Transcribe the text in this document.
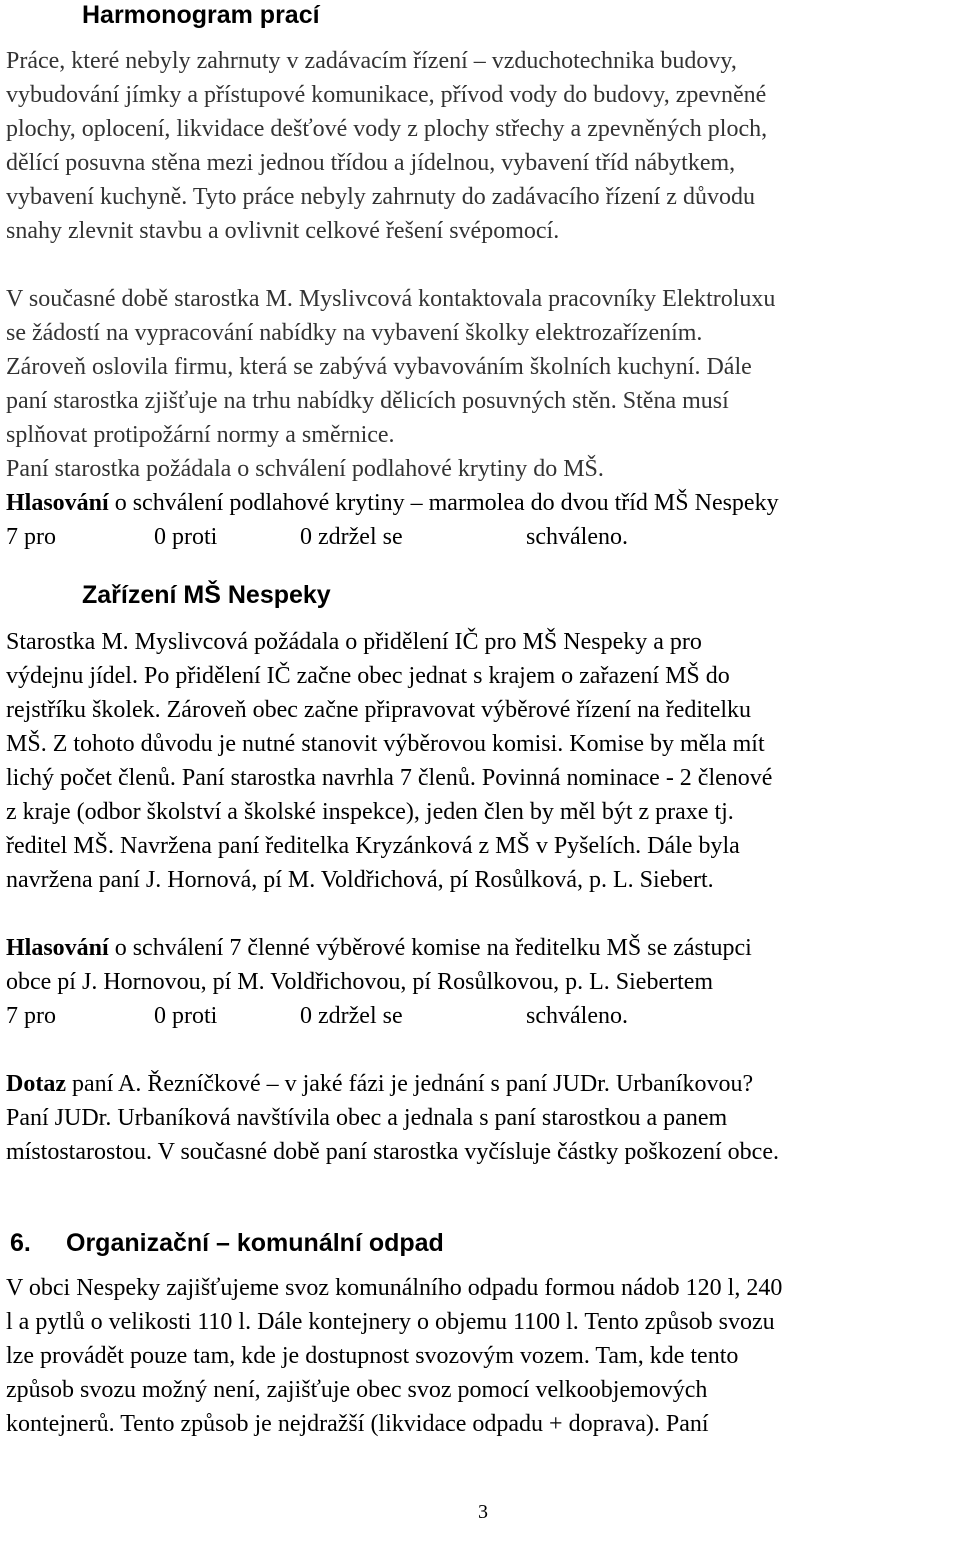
Harmonogram prací
Práce, které nebyly zahrnuty v zadávacím řízení – vzduchotechnika budovy,
vybudování jímky a přístupové komunikace, přívod vody do budovy, zpevněné
plochy, oplocení, likvidace dešťové vody z plochy střechy a zpevněných ploch,
dělící posuvna stěna mezi jednou třídou a jídelnou, vybavení tříd nábytkem,
vybavení kuchyně. Tyto práce nebyly zahrnuty do zadávacího řízení z důvodu
snahy zlevnit stavbu a ovlivnit celkové řešení svépomocí.
V současné době starostka M. Myslivcová kontaktovala pracovníky Elektroluxu
se žádostí na vypracování nabídky na vybavení školky elektrozařízením.
Zároveň oslovila firmu, která se zabývá vybavováním školních kuchyní. Dále
paní starostka zjišťuje na trhu nabídky dělicích posuvných stěn. Stěna musí
splňovat protipožární normy a směrnice.
Paní starostka požádala o schválení podlahové krytiny do MŠ.
Hlasování o schválení podlahové krytiny – marmolea do dvou tříd MŠ Nespeky
7 pro	0 proti	0 zdržel se	schváleno.
Zařízení MŠ Nespeky
Starostka M. Myslivcová požádala o přidělení IČ pro MŠ Nespeky a pro
výdejnu jídel. Po přidělení IČ začne obec jednat s krajem o zařazení MŠ do
rejstříku školek. Zároveň obec začne připravovat výběrové řízení na ředitelku
MŠ. Z tohoto důvodu je nutné stanovit výběrovou komisi. Komise by měla mít
lichý počet členů. Paní starostka navrhla 7 členů. Povinná nominace - 2 členové
z kraje (odbor školství a školské inspekce), jeden člen by měl být z praxe tj.
ředitel MŠ. Navržena paní ředitelka Kryzánková z MŠ v Pyšelích. Dále byla
navržena paní J. Hornová, pí M. Voldřichová, pí Rosůlková, p. L. Siebert.
Hlasování o schválení 7 členné výběrové komise na ředitelku MŠ se zástupci
obce pí J. Hornovou, pí M. Voldřichovou, pí Rosůlkovou, p. L. Siebertem
7 pro	0 proti	0 zdržel se	schváleno.
Dotaz paní A. Řezníčkové – v jaké fázi je jednání s paní JUDr. Urbaníkovou?
Paní JUDr. Urbaníková navštívila obec a jednala s paní starostkou a panem
místostarostou. V současné době paní starostka vyčísluje částky poškození obce.
6.	Organizační – komunální odpad
V obci Nespeky zajišťujeme svoz komunálního odpadu formou nádob 120 l, 240
l a pytlů o velikosti 110 l. Dále kontejnery o objemu 1100 l. Tento způsob svozu
lze provádět pouze tam, kde je dostupnost svozovým vozem. Tam, kde tento
způsob svozu možný není, zajišťuje obec svoz pomocí velkoobjemových
kontejnerů. Tento způsob je nejdražší (likvidace odpadu + doprava). Paní
3
